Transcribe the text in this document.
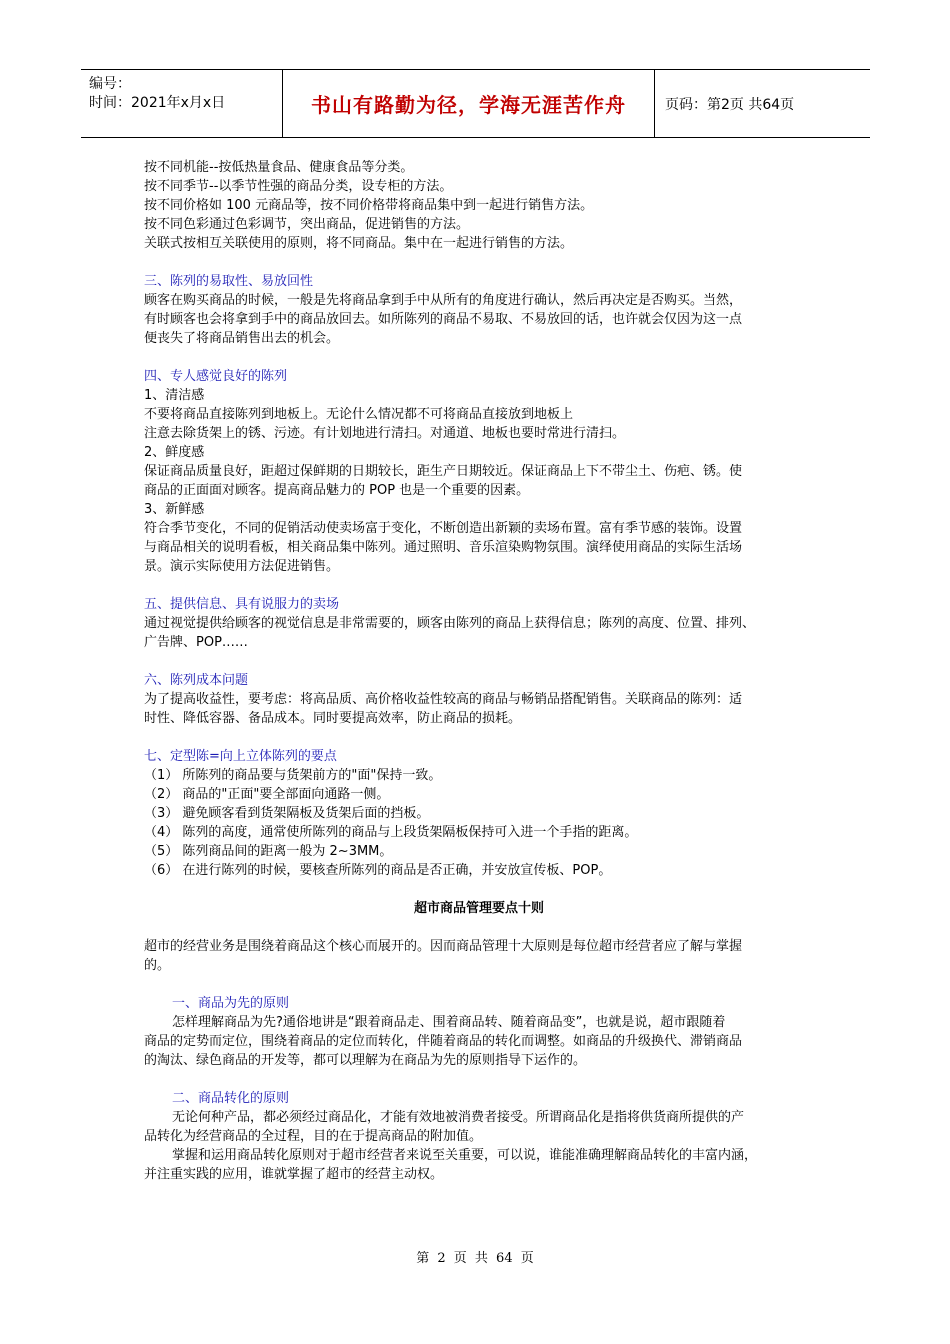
编号：
时间：2021年x月x日	书山有路勤为径，学海无涯苦作舟	页码：第2页 共64页

按不同机能--按低热量食品、健康食品等分类。

按不同季节--以季节性强的商品分类，设专柜的方法。

按不同价格如 100 元商品等，按不同价格带将商品集中到一起进行销售方法。

按不同色彩通过色彩调节，突出商品，促进销售的方法。

关联式按相互关联使用的原则，将不同商品。集中在一起进行销售的方法。

三、陈列的易取性、易放回性

顾客在购买商品的时候，一般是先将商品拿到手中从所有的角度进行确认，然后再决定是否购买。当然，

有时顾客也会将拿到手中的商品放回去。如所陈列的商品不易取、不易放回的话，也许就会仅因为这一点

便丧失了将商品销售出去的机会。

四、专人感觉良好的陈列

1、清洁感

不要将商品直接陈列到地板上。无论什么情况都不可将商品直接放到地板上

注意去除货架上的锈、污迹。有计划地进行清扫。对通道、地板也要时常进行清扫。

2、鲜度感

保证商品质量良好，距超过保鲜期的日期较长，距生产日期较近。保证商品上下不带尘土、伤疤、锈。使

商品的正面面对顾客。提高商品魅力的 POP 也是一个重要的因素。

3、新鲜感

符合季节变化，不同的促销活动使卖场富于变化，不断创造出新颖的卖场布置。富有季节感的装饰。设置

与商品相关的说明看板，相关商品集中陈列。通过照明、音乐渲染购物氛围。演绎使用商品的实际生活场

景。演示实际使用方法促进销售。

五、提供信息、具有说服力的卖场

通过视觉提供给顾客的视觉信息是非常需要的，顾客由陈列的商品上获得信息；陈列的高度、位置、排列、

广告牌、POP……

六、陈列成本问题

为了提高收益性，要考虑：将高品质、高价格收益性较高的商品与畅销品搭配销售。关联商品的陈列：适

时性、降低容器、备品成本。同时要提高效率，防止商品的损耗。

七、定型陈=向上立体陈列的要点

（1） 所陈列的商品要与货架前方的"面"保持一致。

（2） 商品的"正面"要全部面向通路一侧。

（3） 避免顾客看到货架隔板及货架后面的挡板。

（4） 陈列的高度，通常使所陈列的商品与上段货架隔板保持可入进一个手指的距离。

（5） 陈列商品间的距离一般为 2~3MM。

（6） 在进行陈列的时候，要核查所陈列的商品是否正确，并安放宣传板、POP。

超市商品管理要点十则

超市的经营业务是围绕着商品这个核心而展开的。因而商品管理十大原则是每位超市经营者应了解与掌握

的。

一、商品为先的原则

怎样理解商品为先?通俗地讲是“跟着商品走、围着商品转、随着商品变”，也就是说，超市跟随着

商品的定势而定位，围绕着商品的定位而转化，伴随着商品的转化而调整。如商品的升级换代、滞销商品

的淘汰、绿色商品的开发等，都可以理解为在商品为先的原则指导下运作的。

二、商品转化的原则

无论何种产品，都必须经过商品化，才能有效地被消费者接受。所谓商品化是指将供货商所提供的产

品转化为经营商品的全过程，目的在于提高商品的附加值。

掌握和运用商品转化原则对于超市经营者来说至关重要，可以说，谁能准确理解商品转化的丰富内涵，

并注重实践的应用，谁就掌握了超市的经营主动权。

第 2 页 共 64 页
